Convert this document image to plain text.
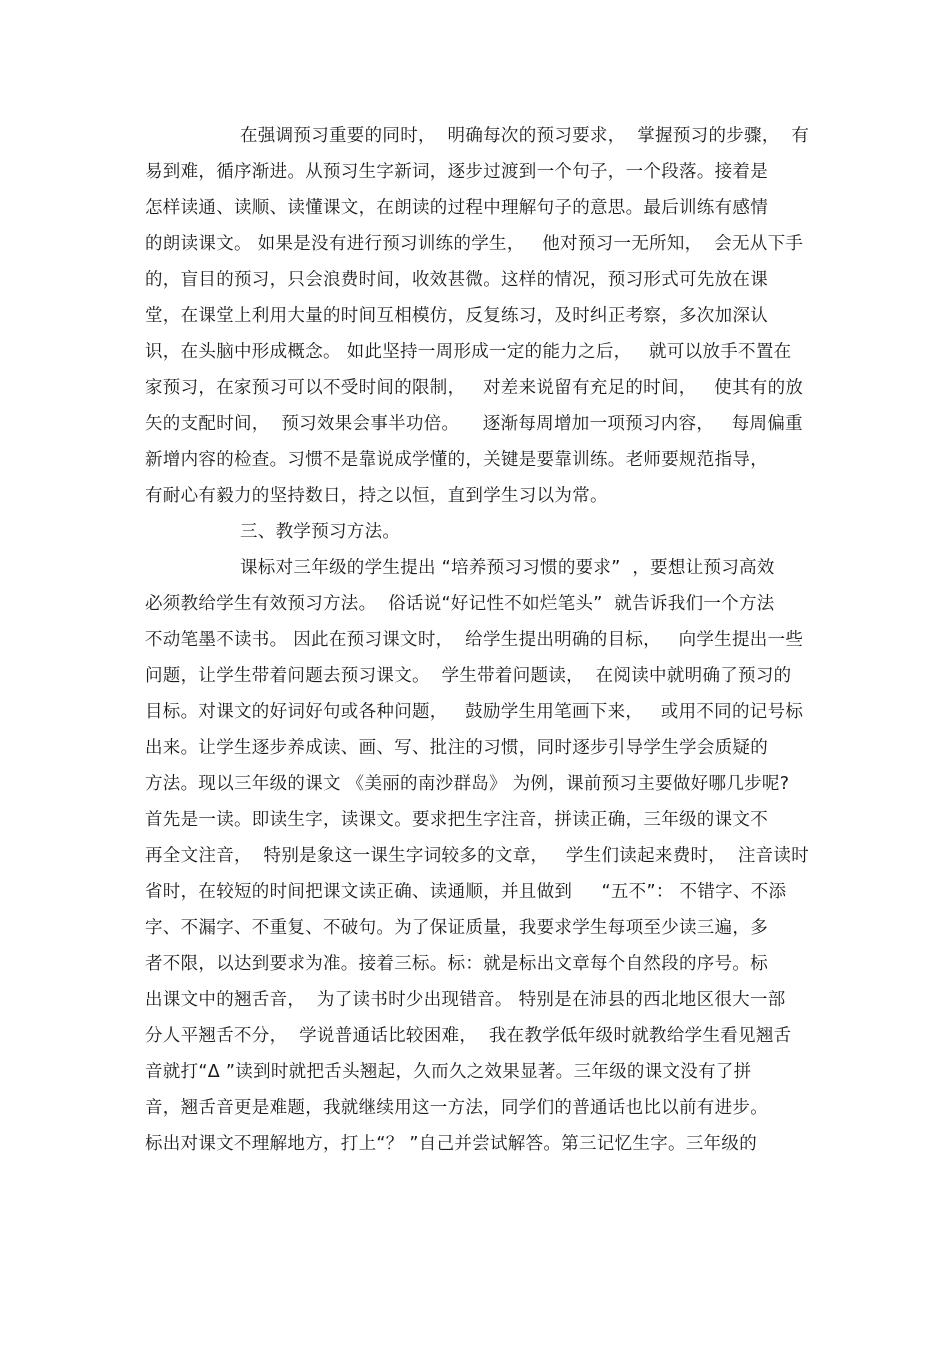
在强调预习重要的同时，  明确每次的预习要求，  掌握预习的步骤，  有
易到难，循序渐进。从预习生字新词，逐步过渡到一个句子，一个段落。接着是
怎样读通、读顺、读懂课文，在朗读的过程中理解句子的意思。最后训练有感情
的朗读课文。 如果是没有进行预习训练的学生，   他对预习一无所知，  会无从下手
的，盲目的预习，只会浪费时间，收效甚微。这样的情况，预习形式可先放在课
堂，在课堂上利用大量的时间互相模仿，反复练习，及时纠正考察，多次加深认
识，在头脑中形成概念。 如此坚持一周形成一定的能力之后，   就可以放手不置在
家预习，在家预习可以不受时间的限制，   对差来说留有充足的时间，   使其有的放
矢的支配时间，  预习效果会事半功倍。    逐渐每周增加一项预习内容，   每周偏重
新增内容的检查。习惯不是靠说成学懂的，关键是要靠训练。老师要规范指导，
有耐心有毅力的坚持数日，持之以恒，直到学生习以为常。
三、教学预习方法。
课标对三年级的学生提出 “培养预习习惯的要求”  ，要想让预习高效
必须教给学生有效预习方法。  俗话说“好记性不如烂笔头”  就告诉我们一个方法
不动笔墨不读书。 因此在预习课文时，  给学生提出明确的目标，   向学生提出一些
问题，让学生带着问题去预习课文。  学生带着问题读，  在阅读中就明确了预习的
目标。对课文的好词好句或各种问题，   鼓励学生用笔画下来，   或用不同的记号标
出来。让学生逐步养成读、画、写、批注的习惯，同时逐步引导学生学会质疑的
方法。现以三年级的课文 《美丽的南沙群岛》 为例，课前预习主要做好哪几步呢?
首先是一读。即读生字，读课文。要求把生字注音，拼读正确，三年级的课文不
再全文注音，  特别是象这一课生字词较多的文章，   学生们读起来费时，  注音读时
省时，在较短的时间把课文读正确、读通顺，并且做到     “五不”： 不错字、不添
字、不漏字、不重复、不破句。为了保证质量，我要求学生每项至少读三遍，多
者不限，以达到要求为准。接着三标。标：就是标出文章每个自然段的序号。标
出课文中的翘舌音，  为了读书时少出现错音。 特别是在沛县的西北地区很大一部
分人平翘舌不分，  学说普通话比较困难，  我在教学低年级时就教给学生看见翘舌
音就打“Δ ”读到时就把舌头翘起，久而久之效果显著。三年级的课文没有了拼
音，翘舌音更是难题，我就继续用这一方法，同学们的普通话也比以前有进步。
标出对课文不理解地方，打上“？ ”自己并尝试解答。第三记忆生字。三年级的
